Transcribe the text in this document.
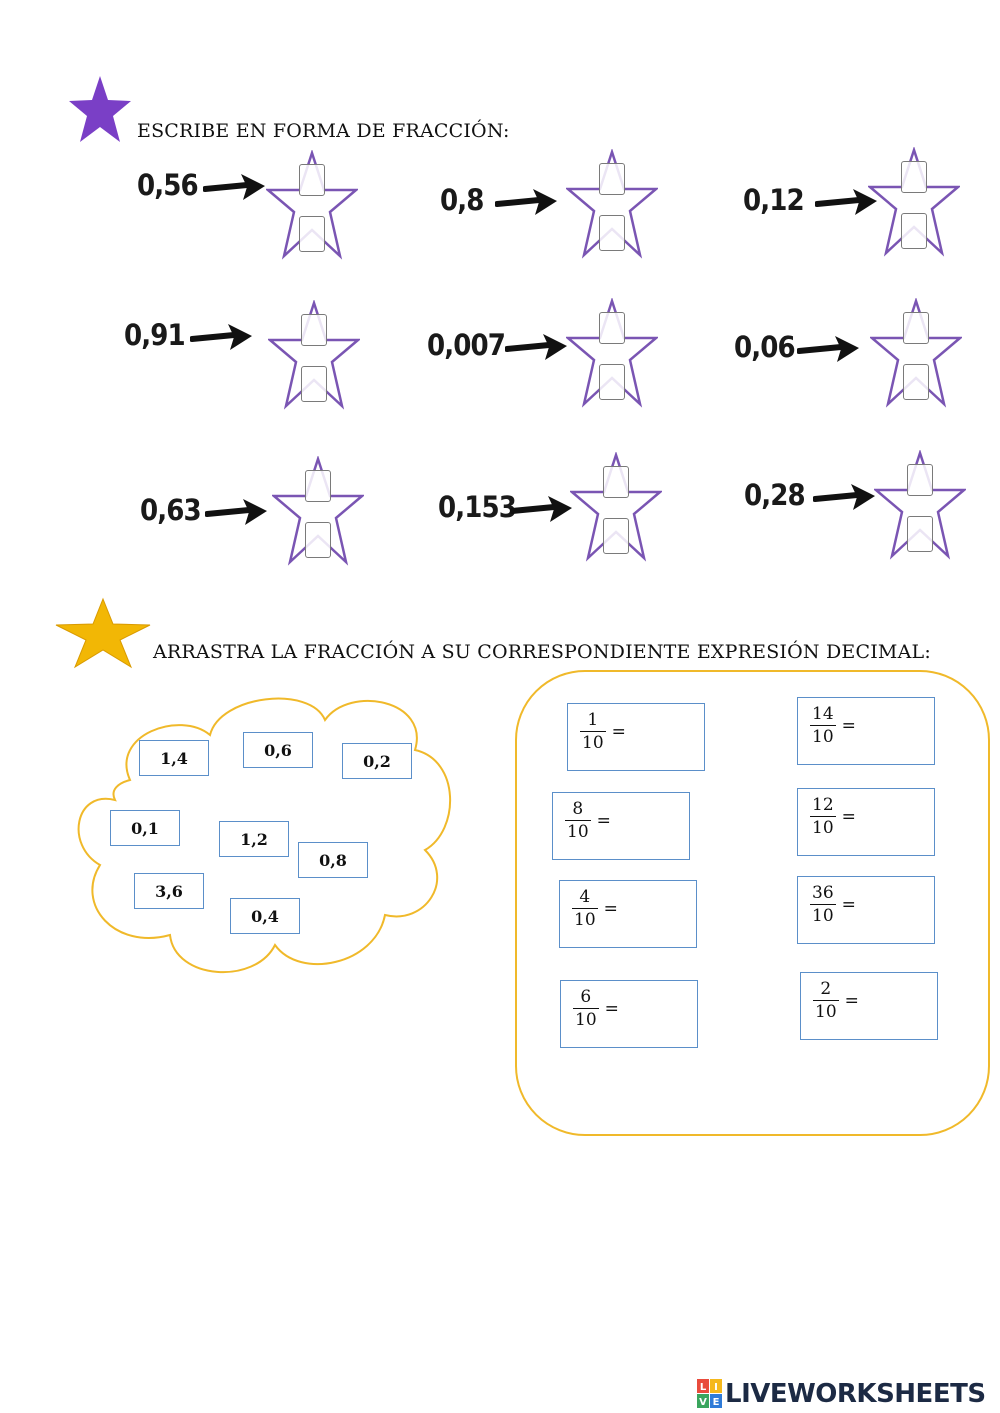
ESCRIBE EN FORMA DE FRACCIÓN:
0,56	0,8	0,12
0,91	0,007	0,06
0,63	0,153	0,28
ARRASTRA LA FRACCIÓN A SU CORRESPONDIENTE EXPRESIÓN DECIMAL:
1,4	0,6
0,2
0,1
1,2
0,8
3,6
0,4
$\frac{1}{10}$ =	$\frac{14}{10}$ =
$\frac{8}{10}$ =	$\frac{12}{10}$ =
$\frac{4}{10}$ =	$\frac{36}{10}$ =
$\frac{6}{10}$ =	$\frac{2}{10}$ =
L I
V E LIVEWORKSHEETS
